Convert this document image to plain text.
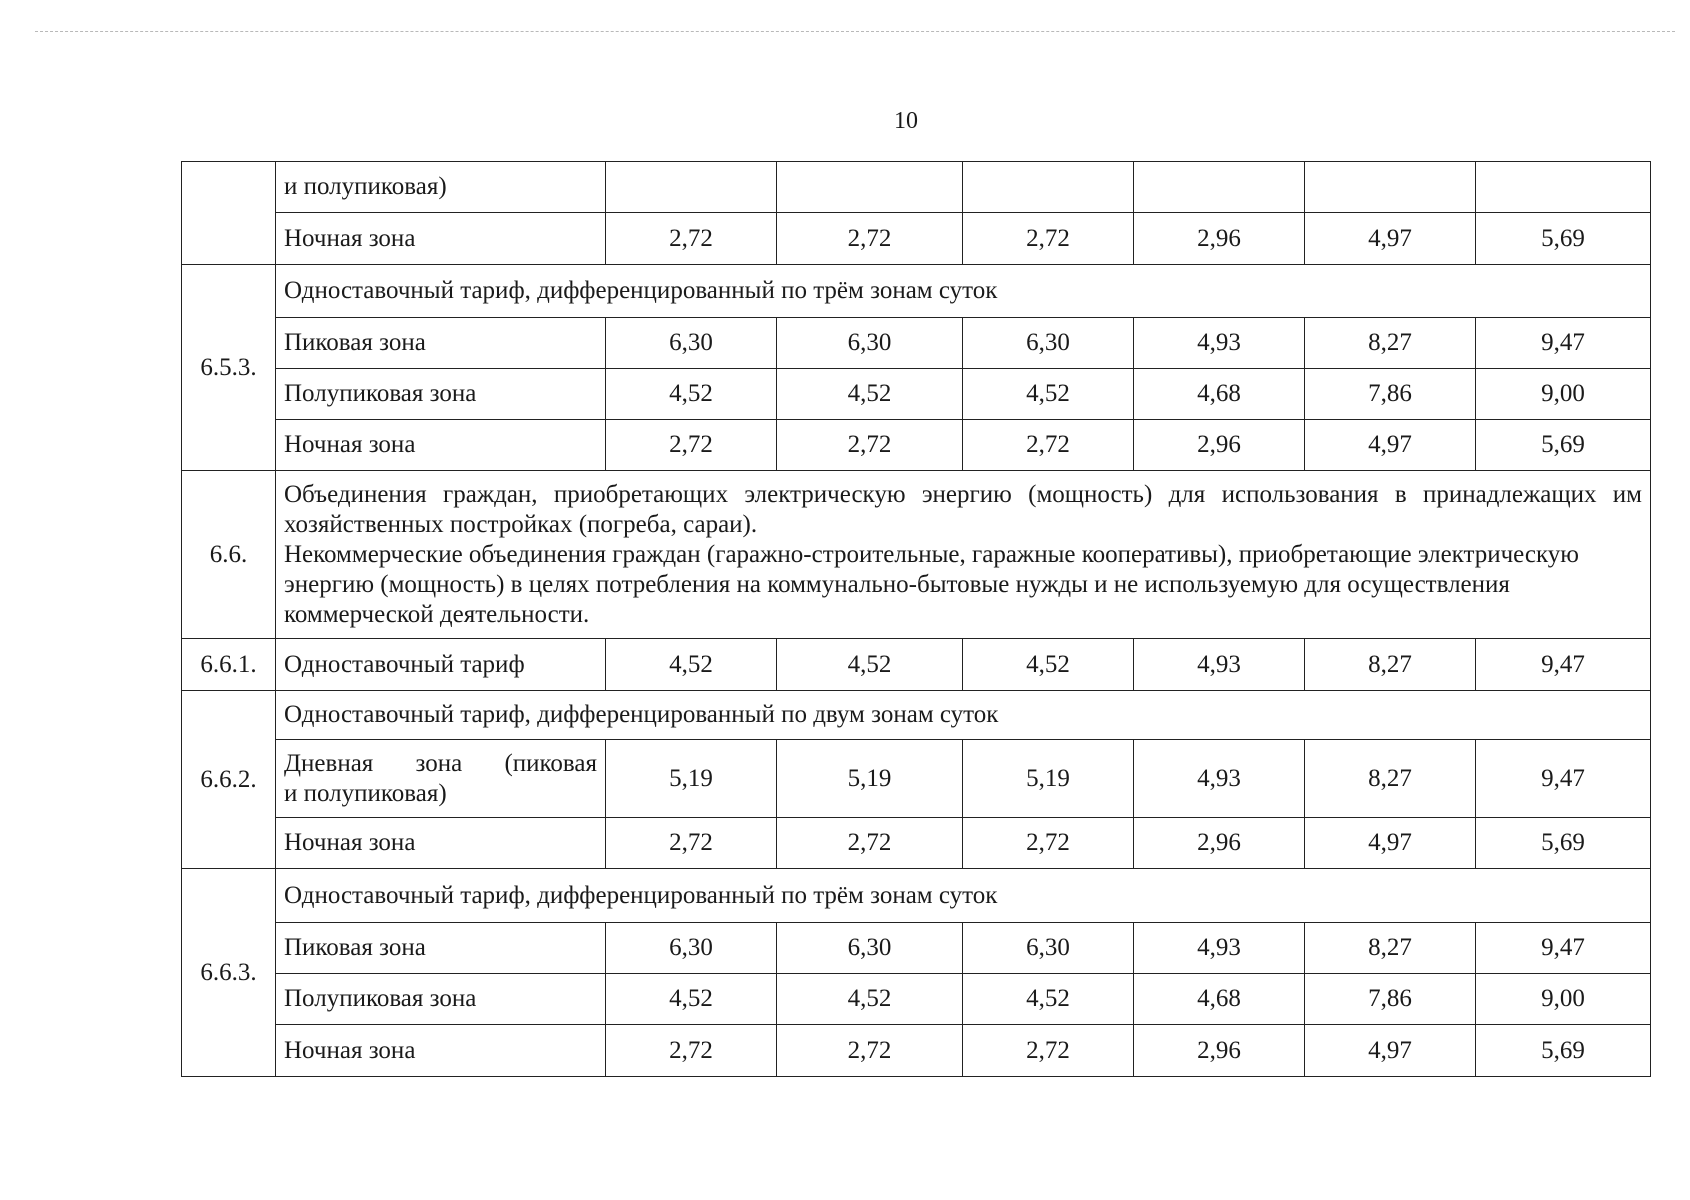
10
	и полупиковая)						
	Ночная зона	2,72	2,72	2,72	2,96	4,97	5,69
6.5.3.	Одноставочный тариф, дифференцированный по трём зонам суток						
	Пиковая зона	6,30	6,30	6,30	4,93	8,27	9,47
	Полупиковая зона	4,52	4,52	4,52	4,68	7,86	9,00
	Ночная зона	2,72	2,72	2,72	2,96	4,97	5,69
6.6.	Объединения граждан, приобретающих электрическую энергию (мощность) для использования в принадлежащих им хозяйственных постройках (погреба, сараи).
Некоммерческие объединения граждан (гаражно-строительные, гаражные кооперативы), приобретающие электрическую энергию (мощность) в целях потребления на коммунально-бытовые нужды и не используемую для осуществления коммерческой деятельности.						

6.6.1.	Одноставочный тариф	4,52	4,52	4,52	4,93	8,27	9,47
6.6.2.	Одноставочный тариф, дифференцированный по двум зонам суток						

	Дневная зона (пиковая
и полупиковая)	5,19	5,19	5,19	4,93	8,27	9,47
	Ночная зона	2,72	2,72	2,72	2,96	4,97	5,69
6.6.3.	Одноставочный тариф, дифференцированный по трём зонам суток						
	Пиковая зона	6,30	6,30	6,30	4,93	8,27	9,47
	Полупиковая зона	4,52	4,52	4,52	4,68	7,86	9,00
	Ночная зона	2,72	2,72	2,72	2,96	4,97	5,69
